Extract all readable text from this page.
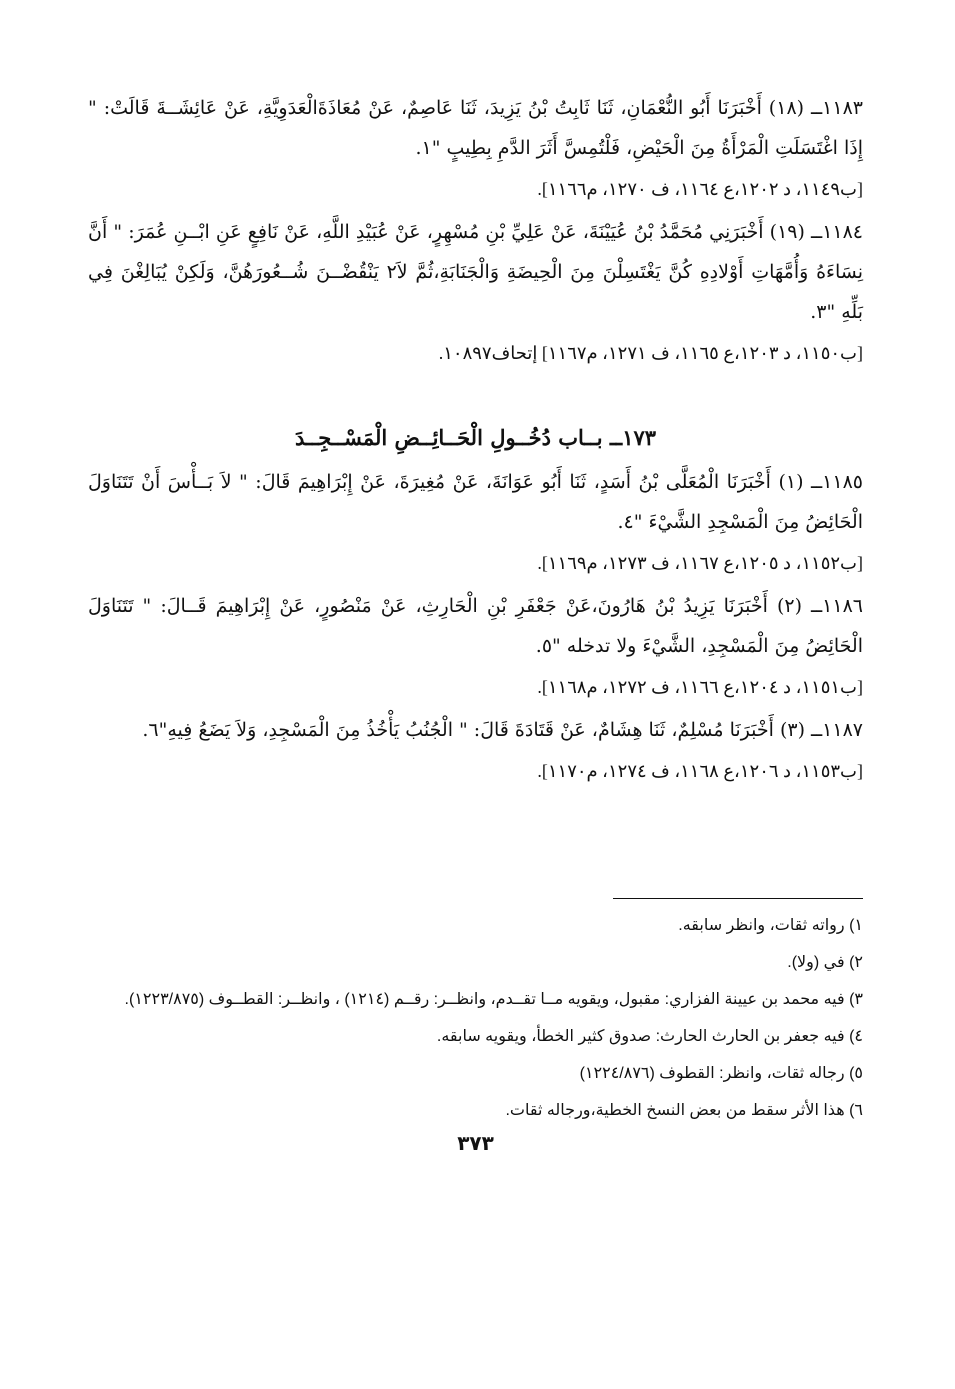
١١٨٣ــ (١٨) أَخْبَرَنَا أَبُو النُّعْمَانِ، ثَنَا ثَابِتُ بْنُ يَزِيدَ، ثَنَا عَاصِمٌ، عَنْ مُعَاذَةَالْعَدَوِيَّةِ، عَنْ عَائِشَــةَ قَالَتْ: " إِذَا اغْتَسَلَتِ الْمَرْأَةُ مِنَ الْحَيْضِ، فَلْتُمِسَّ أَثَرَ الدَّمِ بِطِيبٍ "١.

[ب١١٤٩، د ١٢٠٢،ع ١١٦٤، ف ١٢٧٠، م١١٦٦].

١١٨٤ــ (١٩) أَخْبَرَنِي مُحَمَّدُ بْنُ عُيَيْنَةَ، عَنْ عَلِيِّ بْنِ مُسْهِرٍ، عَنْ عُبَيْدِ اللَّهِ، عَنْ نَافِعٍ عَنِ ابْــنِ عُمَرَ: " أَنَّ نِسَاءَهُ وَأُمَّهَاتِ أَوْلادِهِ كُنَّ يَغْتَسِلْنَ مِنَ الْحِيضَةِ وَالْجَنَابَةِ،ثُمَّ لاَ٢ يَنْقُضْــنَ شُــعُورَهُنَّ، وَلَكِنْ يُبَالِغْنَ فِي بَلِّهِ "٣.

[ب١١٥٠، د ١٢٠٣،ع ١١٦٥، ف ١٢٧١، م١١٦٧] إتحاف١٠٨٩٧.

١٧٣ــ بــاب دُخُــولِ الْحَــائِــضِ الْمَسْــجِــدَ

١١٨٥ــ (١) أَخْبَرَنَا الْمُعَلَّى بْنُ أَسَدٍ، ثَنَا أَبُو عَوَانَةَ، عَنْ مُغِيرَةَ، عَنْ إِبْرَاهِيمَ قَالَ: " لاَ بَــأْسَ أَنْ تَتَنَاوَلَ الْحَائِضُ مِنَ الْمَسْجِدِ الشَّيْءَ "٤.

[ب١١٥٢، د ١٢٠٥،ع ١١٦٧، ف ١٢٧٣، م١١٦٩].

١١٨٦ــ (٢) أَخْبَرَنَا يَزِيدُ بْنُ هَارُونَ،عَنْ جَعْفَرِ بْنِ الْحَارِثِ، عَنْ مَنْصُورٍ، عَنْ إِبْرَاهِيمَ قَــالَ: " تَتَنَاوَلَ الْحَائِضُ مِنَ الْمَسْجِدِ، الشَّيْءَ ولا تدخله "٥.

[ب١١٥١، د ١٢٠٤،ع ١١٦٦، ف ١٢٧٢، م١١٦٨].

١١٨٧ــ (٣) أَخْبَرَنَا مُسْلِمٌ، ثَنَا هِشَامٌ، عَنْ قَتَادَةَ قَالَ: " الْجُنُبُ يَأْخُذُ مِنَ الْمَسْجِدِ، وَلاَ يَضَعُ فِيهِ"٦.

[ب١١٥٣، د ١٢٠٦،ع ١١٦٨، ف ١٢٧٤، م١١٧٠].

١) رواته ثقات، وانظر سابقه.

٢) في (ولا).

٣) فيه محمد بن عيينة الفزاري: مقبول، ويقويه مــا تقــدم، وانظــر: رقــم (١٢١٤) ، وانظــر: القطــوف (١٢٢٣/٨٧٥).

٤) فيه جعفر بن الحارث الحارث: صدوق كثير الخطأ، ويقويه سابقه.

٥) رجاله ثقات، وانظر: القطوف (١٢٢٤/٨٧٦)

٦) هذا الأثر سقط من بعض النسخ الخطية،ورجاله ثقات.

٣٧٣
